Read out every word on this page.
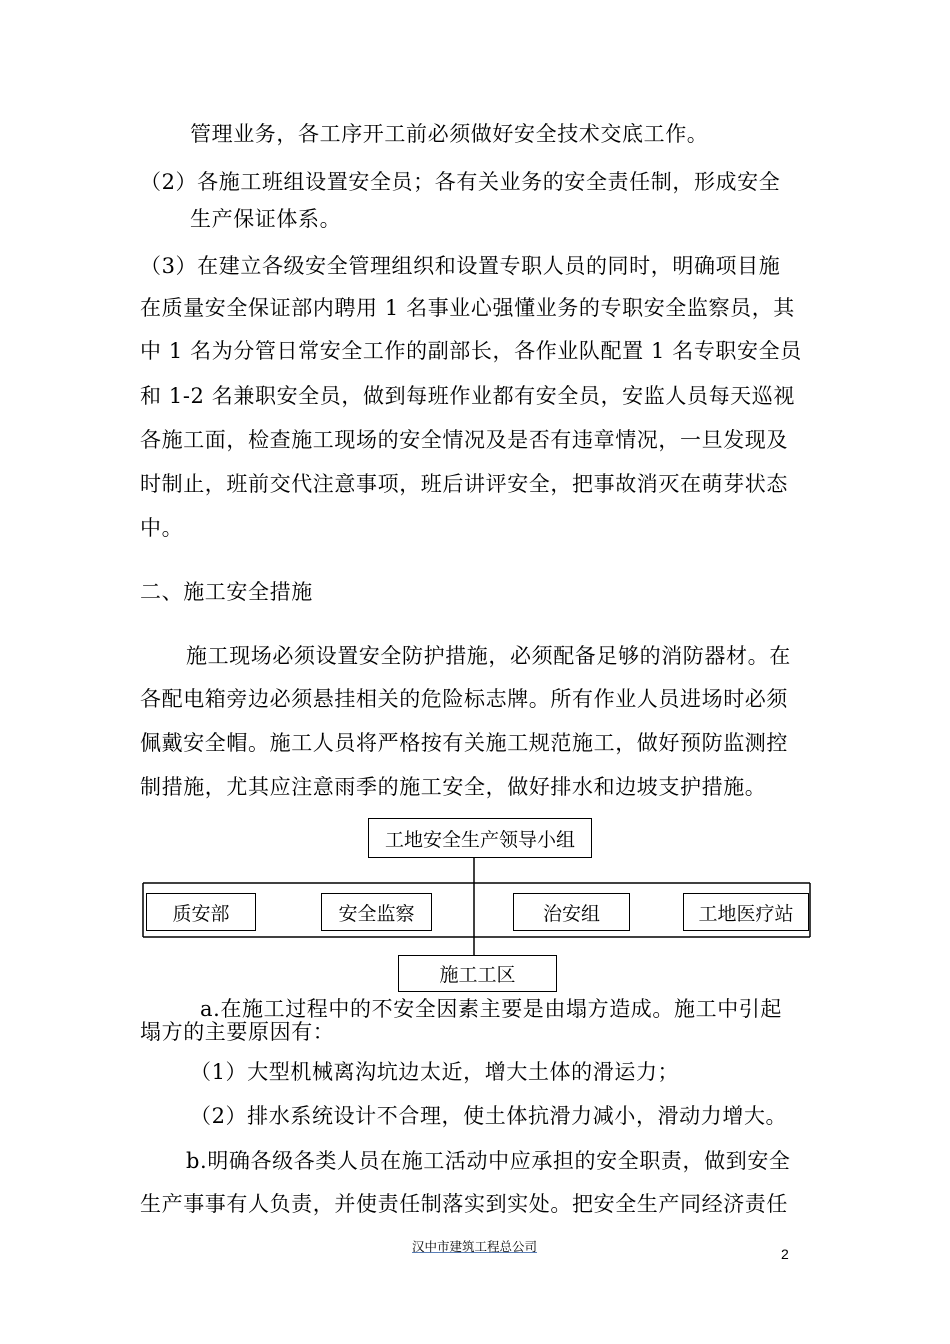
管理业务，各工序开工前必须做好安全技术交底工作。
（2）各施工班组设置安全员；各有关业务的安全责任制，形成安全
生产保证体系。
（3）在建立各级安全管理组织和设置专职人员的同时，明确项目施
在质量安全保证部内聘用 1 名事业心强懂业务的专职安全监察员，其
中 1 名为分管日常安全工作的副部长，各作业队配置 1 名专职安全员
和 1-2 名兼职安全员，做到每班作业都有安全员，安监人员每天巡视
各施工面，检查施工现场的安全情况及是否有违章情况，一旦发现及
时制止，班前交代注意事项，班后讲评安全，把事故消灭在萌芽状态
中。
二、施工安全措施
施工现场必须设置安全防护措施，必须配备足够的消防器材。在
各配电箱旁边必须悬挂相关的危险标志牌。所有作业人员进场时必须
佩戴安全帽。施工人员将严格按有关施工规范施工，做好预防监测控
制措施，尤其应注意雨季的施工安全，做好排水和边坡支护措施。
工地安全生产领导小组
质安部	安全监察	治安组	工地医疗站
施工工区
a.在施工过程中的不安全因素主要是由塌方造成。施工中引起
塌方的主要原因有：
（1）大型机械离沟坑边太近，增大土体的滑运力；
（2）排水系统设计不合理，使土体抗滑力减小，滑动力增大。
b.明确各级各类人员在施工活动中应承担的安全职责，做到安全
生产事事有人负责，并使责任制落实到实处。把安全生产同经济责任
汉中市建筑工程总公司	2
